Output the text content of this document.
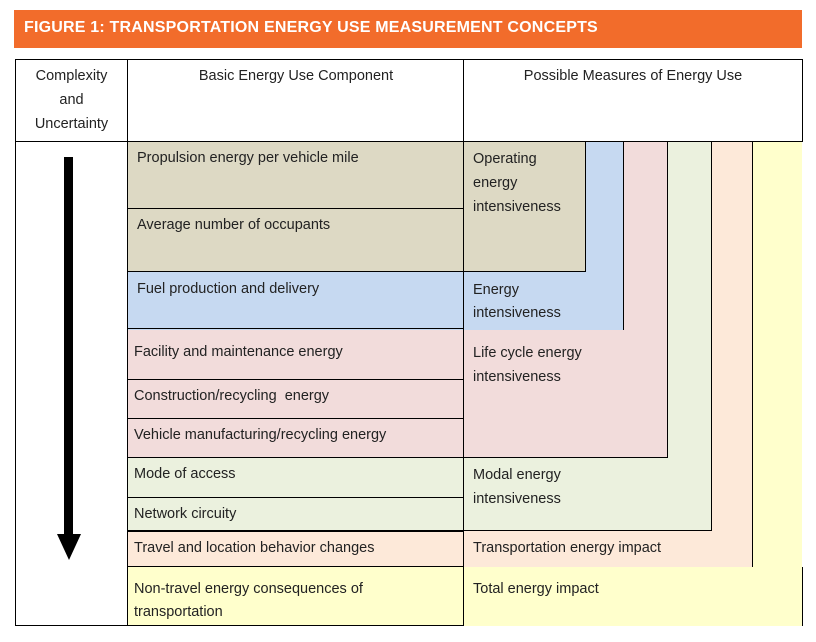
FIGURE 1: TRANSPORTATION ENERGY USE MEASUREMENT CONCEPTS
Complexity
and
Uncertainty
Basic Energy Use Component	Possible Measures of Energy Use
Propulsion energy per vehicle mile
Average number of occupants
Fuel production and delivery
Facility and maintenance energy
Construction/recycling  energy
Vehicle manufacturing/recycling energy
Mode of access
Network circuity
Travel and location behavior changes
Non-travel energy consequences of
transportation
Operating
energy
intensiveness
Energy
intensiveness
Life cycle energy
intensiveness
Modal energy
intensiveness
Transportation energy impact
Total energy impact
